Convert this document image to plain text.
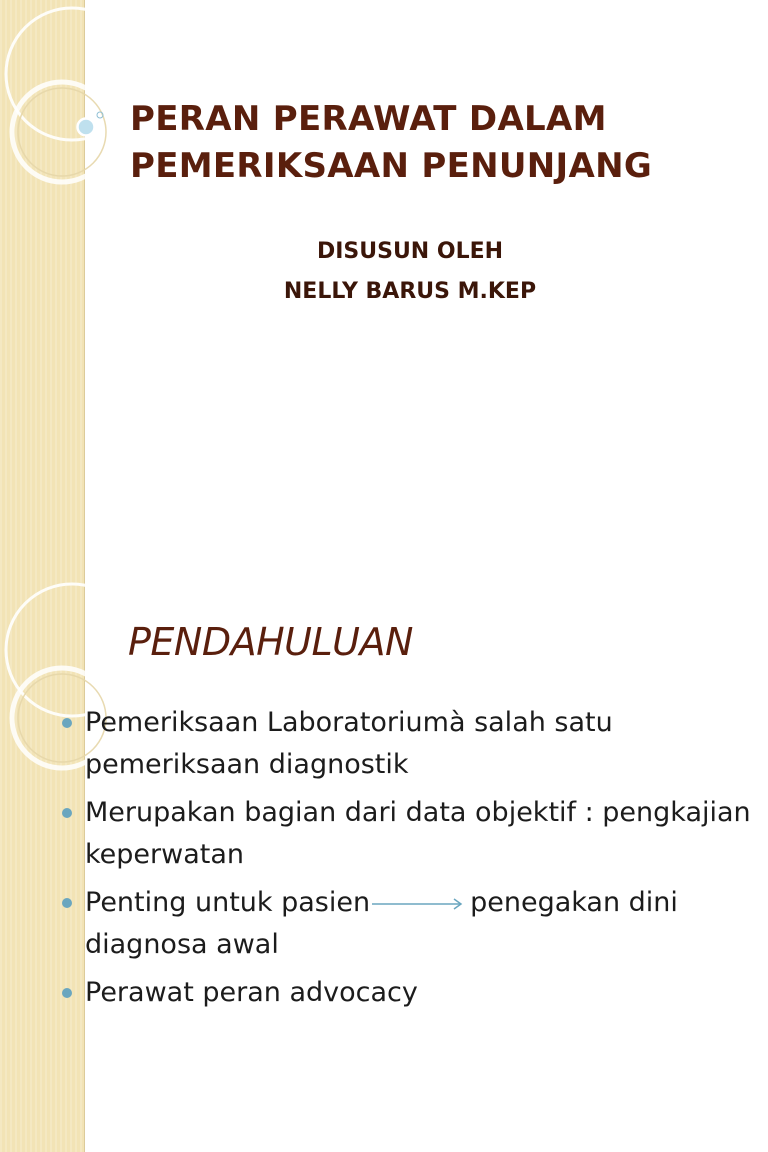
PERAN PERAWAT DALAM
PEMERIKSAAN PENUNJANG
DISUSUN OLEH
NELLY BARUS M.KEP
PENDAHULUAN
Pemeriksaan Laboratoriumà salah satu pemeriksaan diagnostik
Merupakan bagian dari data objektif : pengkajian keperwatan
Penting untuk pasien	penegakan dini diagnosa awal
Perawat peran advocacy
